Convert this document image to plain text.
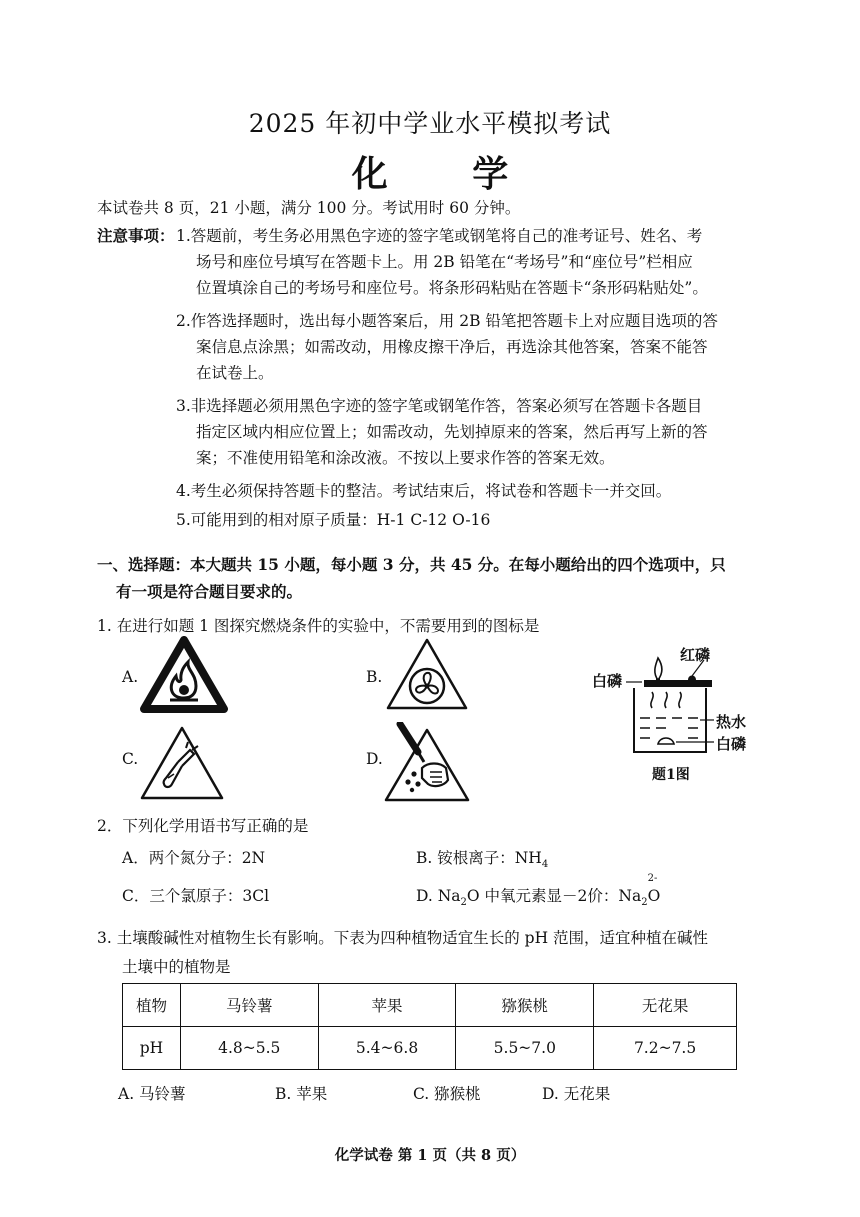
2025 年初中学业水平模拟考试
化 学
本试卷共 8 页，21 小题，满分 100 分。考试用时 60 分钟。
注意事项： 1.答题前，考生务必用黑色字迹的签字笔或钢笔将自己的准考证号、姓名、考
场号和座位号填写在答题卡上。用 2B 铅笔在“考场号”和“座位号”栏相应
位置填涂自己的考场号和座位号。将条形码粘贴在答题卡“条形码粘贴处”。
2.作答选择题时，选出每小题答案后，用 2B 铅笔把答题卡上对应题目选项的答
案信息点涂黑；如需改动，用橡皮擦干净后，再选涂其他答案，答案不能答
在试卷上。
3.非选择题必须用黑色字迹的签字笔或钢笔作答，答案必须写在答题卡各题目
指定区域内相应位置上；如需改动，先划掉原来的答案，然后再写上新的答
案；不准使用铅笔和涂改液。不按以上要求作答的答案无效。
4.考生必须保持答题卡的整洁。考试结束后，将试卷和答题卡一并交回。
5.可能用到的相对原子质量：H-1 C-12 O-16
一、选择题：本大题共 15 小题，每小题 3 分，共 45 分。在每小题给出的四个选项中，只
有一项是符合题目要求的。
1. 在进行如题 1 图探究燃烧条件的实验中，不需要用到的图标是
A.	B.
C.	D.
红磷
白磷
热水
白磷
题1图
2．下列化学用语书写正确的是
A．两个氮分子：2N	B. 铵根离子：$NH_4$
C．三个氯原子：3Cl	D. $Na_2O$ 中氧元素显－2价：$Na_2O$
2-
3. 土壤酸碱性对植物生长有影响。下表为四种植物适宜生长的 pH 范围，适宜种植在碱性
土壤中的植物是
植物	马铃薯	苹果	猕猴桃	无花果
pH	4.8~5.5	5.4~6.8	5.5~7.0	7.2~7.5
A. 马铃薯	B. 苹果	C. 猕猴桃	D. 无花果
化学试卷 第 1 页（共 8 页）
